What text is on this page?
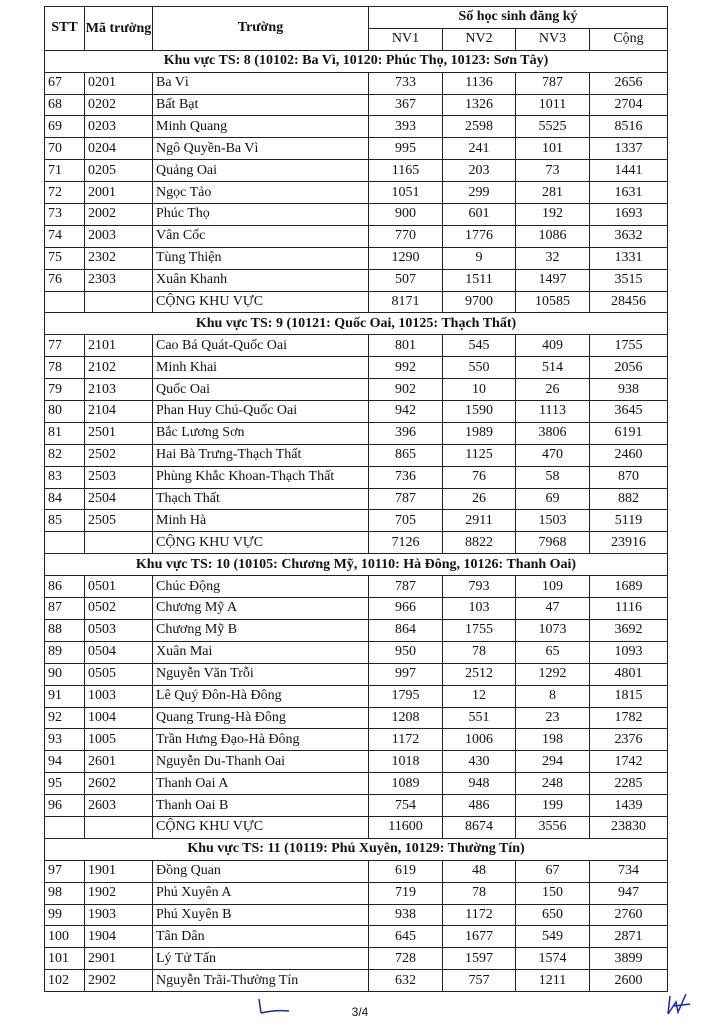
STT	Mã trường	Trường	Số học sinh đăng ký			
			NV1	NV2	NV3	Cộng
Khu vực TS: 8 (10102: Ba Vì, 10120: Phúc Thọ, 10123: Sơn Tây)						
67	0201	Ba Vì	733	1136	787	2656
68	0202	Bất Bạt	367	1326	1011	2704
69	0203	Minh Quang	393	2598	5525	8516
70	0204	Ngô Quyền-Ba Vì	995	241	101	1337
71	0205	Quảng Oai	1165	203	73	1441
72	2001	Ngọc Tảo	1051	299	281	1631
73	2002	Phúc Thọ	900	601	192	1693
74	2003	Vân Cốc	770	1776	1086	3632
75	2302	Tùng Thiện	1290	9	32	1331
76	2303	Xuân Khanh	507	1511	1497	3515
		CỘNG KHU VỰC	8171	9700	10585	28456
Khu vực TS: 9 (10121: Quốc Oai, 10125: Thạch Thất)						
77	2101	Cao Bá Quát-Quốc Oai	801	545	409	1755
78	2102	Minh Khai	992	550	514	2056
79	2103	Quốc Oai	902	10	26	938
80	2104	Phan Huy Chú-Quốc Oai	942	1590	1113	3645
81	2501	Bắc Lương Sơn	396	1989	3806	6191
82	2502	Hai Bà Trưng-Thạch Thất	865	1125	470	2460
83	2503	Phùng Khắc Khoan-Thạch Thất	736	76	58	870
84	2504	Thạch Thất	787	26	69	882
85	2505	Minh Hà	705	2911	1503	5119
		CỘNG KHU VỰC	7126	8822	7968	23916
Khu vực TS: 10 (10105: Chương Mỹ, 10110: Hà Đông, 10126: Thanh Oai)						
86	0501	Chúc Động	787	793	109	1689
87	0502	Chương Mỹ A	966	103	47	1116
88	0503	Chương Mỹ B	864	1755	1073	3692
89	0504	Xuân Mai	950	78	65	1093
90	0505	Nguyễn Văn Trỗi	997	2512	1292	4801
91	1003	Lê Quý Đôn-Hà Đông	1795	12	8	1815
92	1004	Quang Trung-Hà Đông	1208	551	23	1782
93	1005	Trần Hưng Đạo-Hà Đông	1172	1006	198	2376
94	2601	Nguyễn Du-Thanh Oai	1018	430	294	1742
95	2602	Thanh Oai A	1089	948	248	2285
96	2603	Thanh Oai B	754	486	199	1439
		CỘNG KHU VỰC	11600	8674	3556	23830
Khu vực TS: 11 (10119: Phú Xuyên, 10129: Thường Tín)						
97	1901	Đồng Quan	619	48	67	734
98	1902	Phú Xuyên A	719	78	150	947
99	1903	Phú Xuyên B	938	1172	650	2760
100	1904	Tân Dân	645	1677	549	2871
101	2901	Lý Tử Tấn	728	1597	1574	3899
102	2902	Nguyễn Trãi-Thường Tín	632	757	1211	2600
3/4
